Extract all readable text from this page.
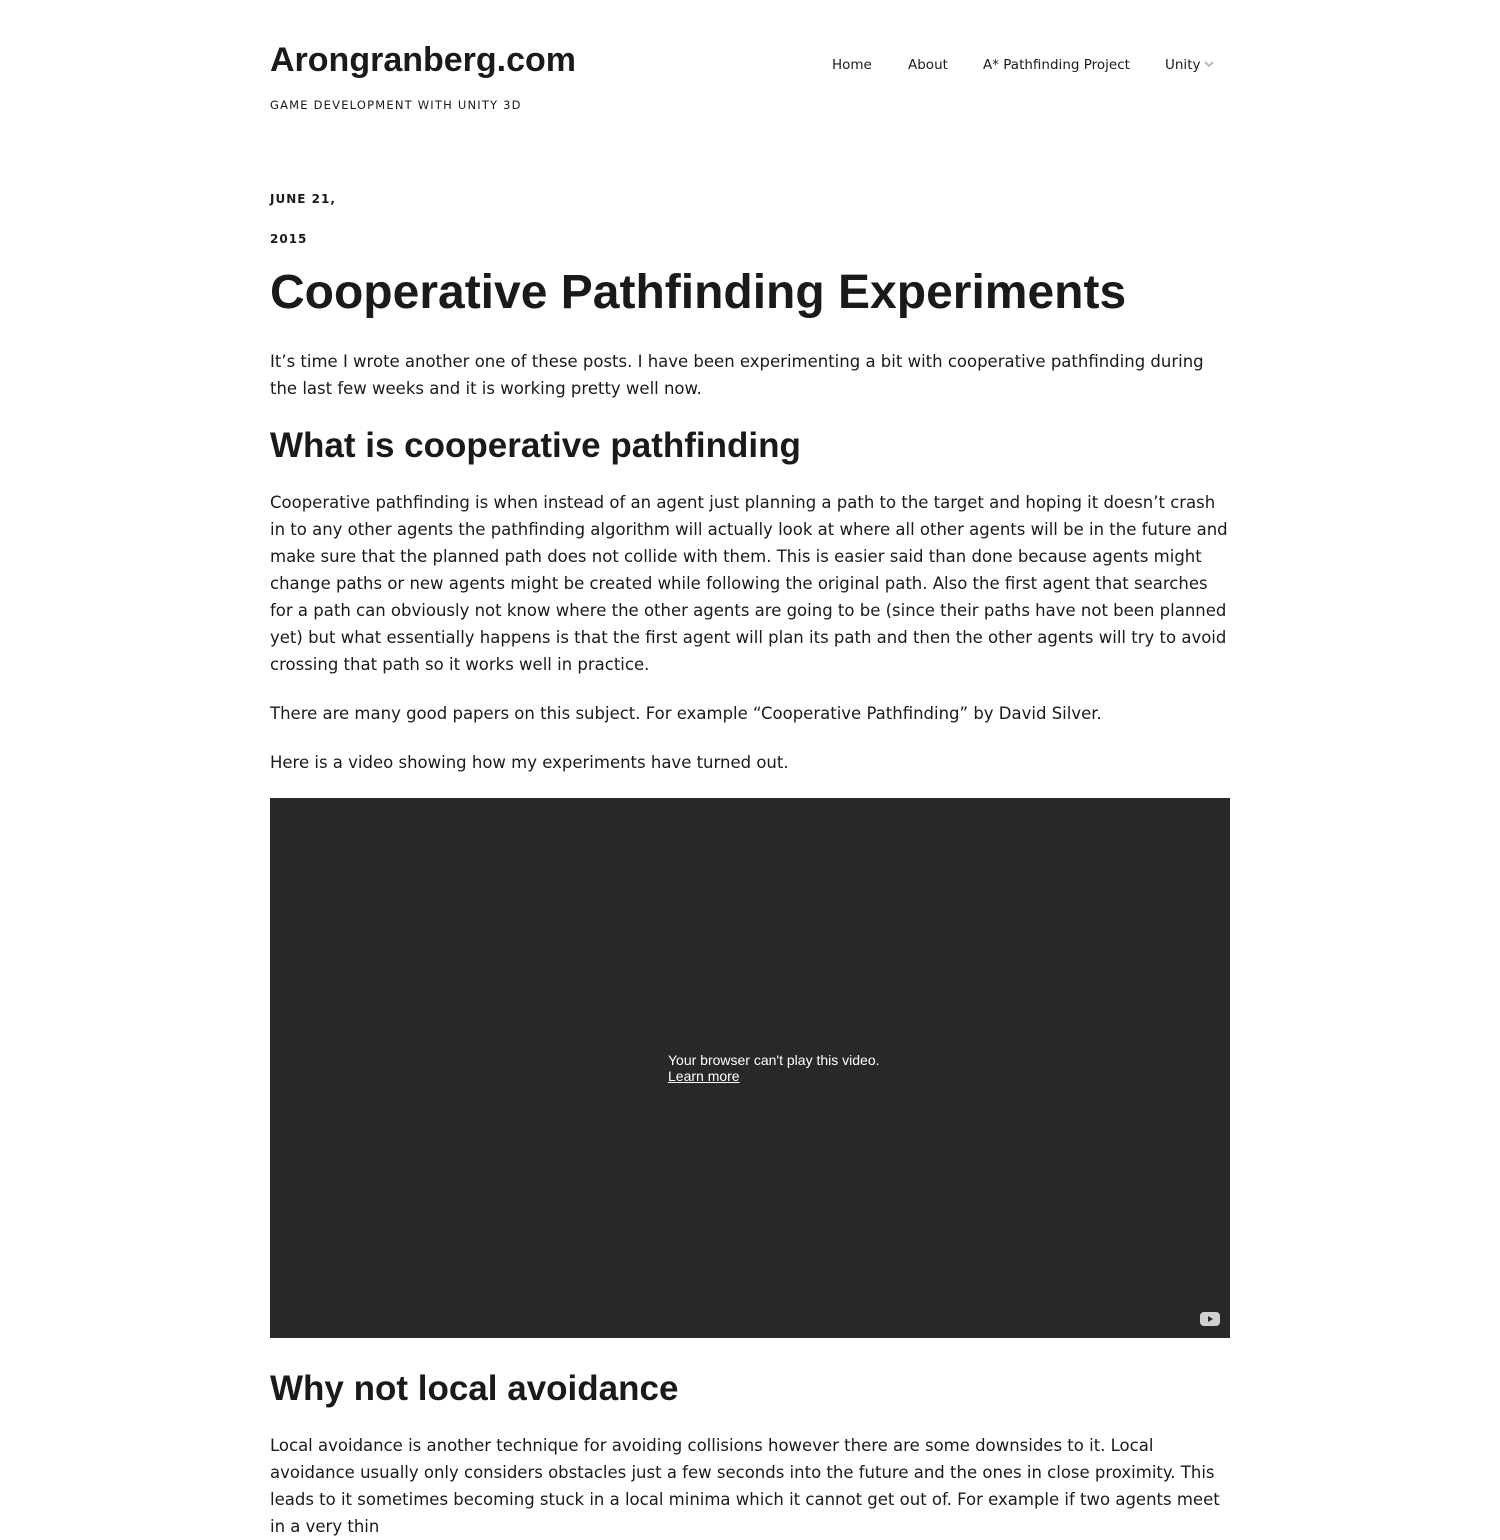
Arongranberg.com

GAME DEVELOPMENT WITH UNITY 3D

Home	About	A* Pathfinding Project	Unity

JUNE 21,

2015

Cooperative Pathfinding Experiments

It’s time I wrote another one of these posts. I have been experimenting a bit with cooperative pathfinding during the last few weeks and it is working pretty well now.

What is cooperative pathfinding

Cooperative pathfinding is when instead of an agent just planning a path to the target and hoping it doesn’t crash in to any other agents the pathfinding algorithm will actually look at where all other agents will be in the future and make sure that the planned path does not collide with them. This is easier said than done because agents might change paths or new agents might be created while following the original path. Also the first agent that searches for a path can obviously not know where the other agents are going to be (since their paths have not been planned yet) but what essentially happens is that the first agent will plan its path and then the other agents will try to avoid crossing that path so it works well in practice.

There are many good papers on this subject. For example “Cooperative Pathfinding” by David Silver.

Here is a video showing how my experiments have turned out.

Your browser can't play this video.
Learn more
Why not local avoidance

Local avoidance is another technique for avoiding collisions however there are some downsides to it. Local avoidance usually only considers obstacles just a few seconds into the future and the ones in close proximity. This leads to it sometimes becoming stuck in a local minima which it cannot get out of. For example if two agents meet in a very thin
